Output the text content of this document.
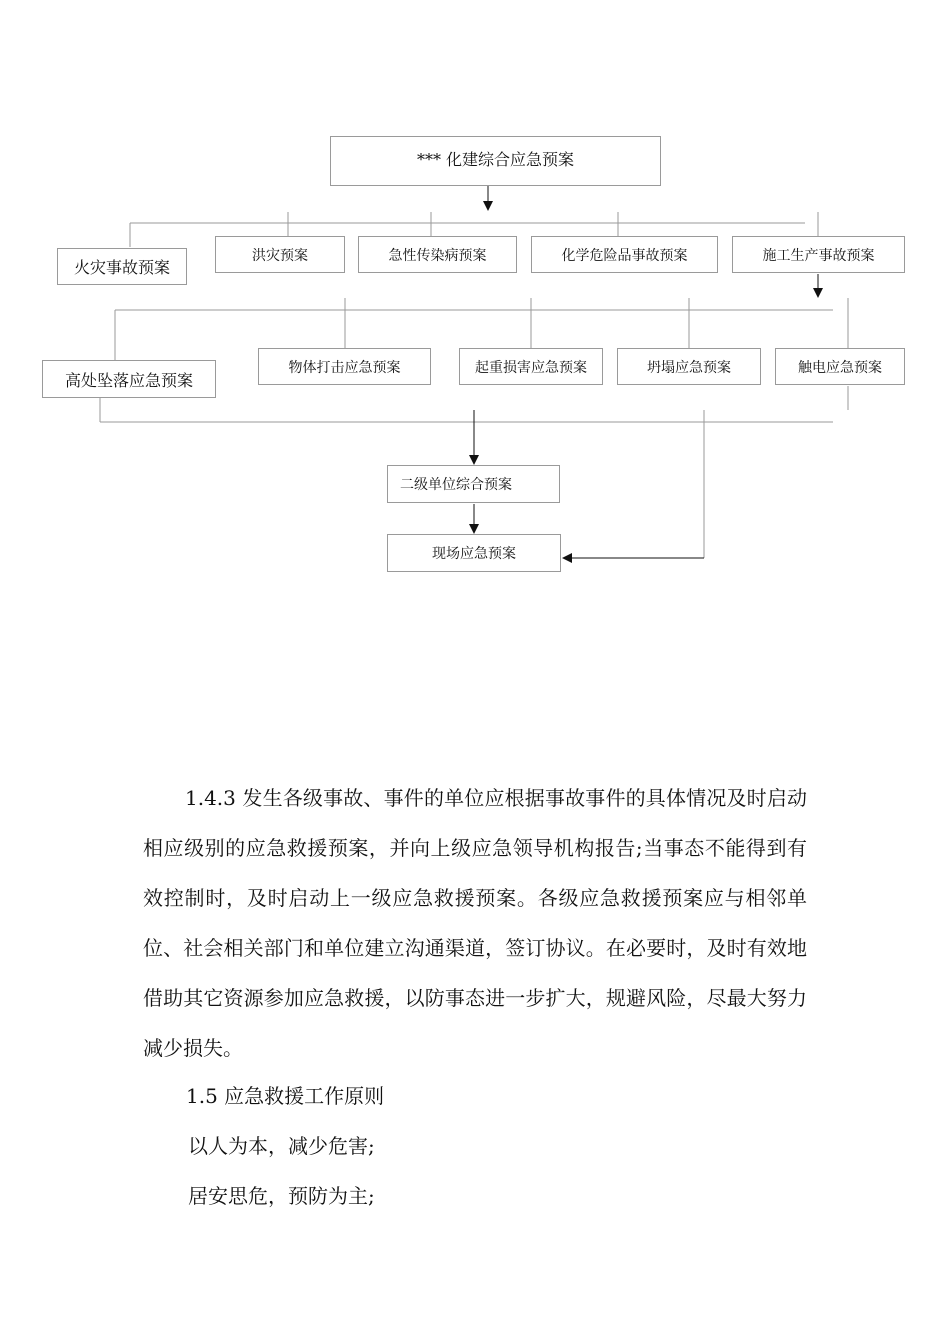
*** 化建综合应急预案
火灾事故预案
洪灾预案	急性传染病预案	化学危险品事故预案	施工生产事故预案
高处坠落应急预案
物体打击应急预案	起重损害应急预案	坍塌应急预案	触电应急预案
二级单位综合预案
现场应急预案

1.4.3 发生各级事故、事件的单位应根据事故事件的具体情况及时启动相应级别的应急救援预案，并向上级应急领导机构报告;当事态不能得到有效控制时，及时启动上一级应急救援预案。各级应急救援预案应与相邻单位、社会相关部门和单位建立沟通渠道，签订协议。在必要时，及时有效地借助其它资源参加应急救援，以防事态进一步扩大，规避风险，尽最大努力减少损失。

1.5 应急救援工作原则

以人为本，减少危害;

居安思危，预防为主;
